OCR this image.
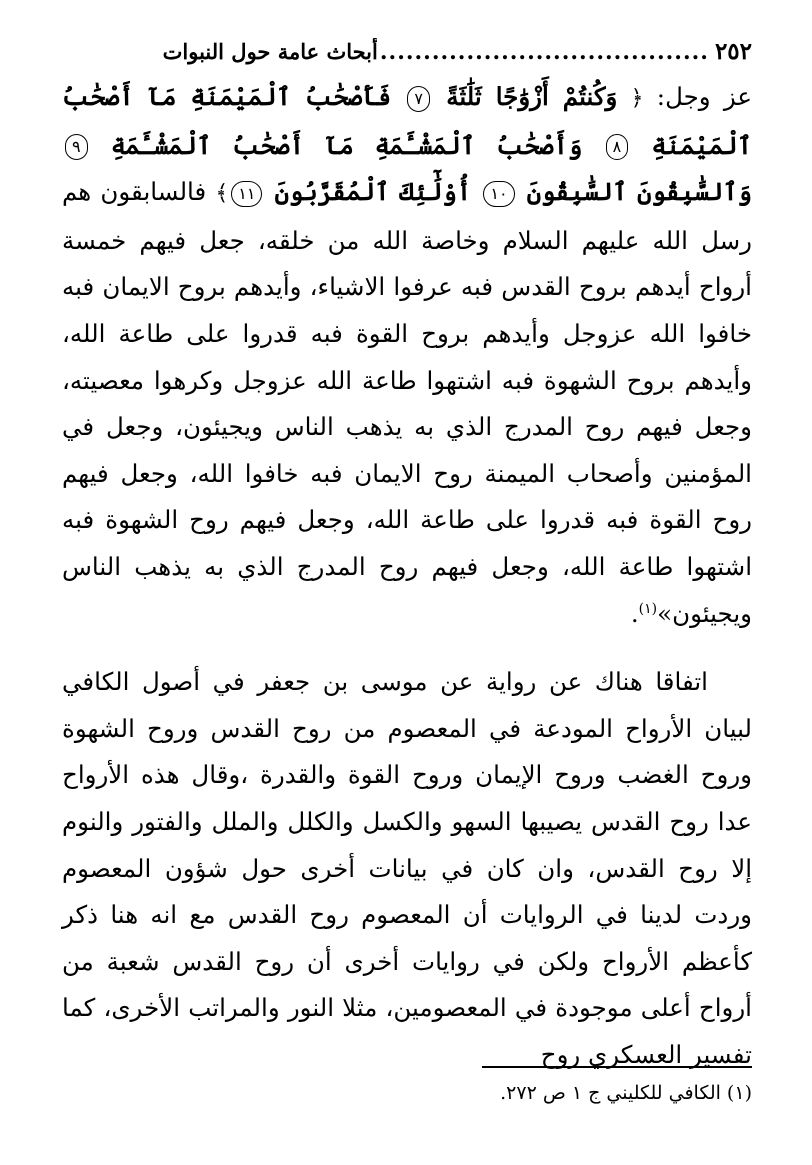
٢٥٢
......................................
أبحاث عامة حول النبوات

عز وجل: ﴿ وَكُنتُمْ أَزْوَٰجًا ثَلَٰثَةً ٧ فَأَصْحَٰبُ ٱلْمَيْمَنَةِ مَآ أَصْحَٰبُ ٱلْمَيْمَنَةِ ٨ وَأَصْحَٰبُ ٱلْمَشْـَٔمَةِ مَآ أَصْحَٰبُ ٱلْمَشْـَٔمَةِ ٩ وَٱلسَّٰبِقُونَ ٱلسَّٰبِقُونَ ١٠ أُوْلَٰٓئِكَ ٱلْمُقَرَّبُونَ ١١﴾ فالسابقون هم رسل الله عليهم السلام وخاصة الله من خلقه، جعل فيهم خمسة أرواح أيدهم بروح القدس فبه عرفوا الاشياء، وأيدهم بروح الايمان فبه خافوا الله عزوجل وأيدهم بروح القوة فبه قدروا على طاعة الله، وأيدهم بروح الشهوة فبه اشتهوا طاعة الله عزوجل وكرهوا معصيته، وجعل فيهم روح المدرج الذي به يذهب الناس ويجيئون، وجعل في المؤمنين وأصحاب الميمنة روح الايمان فبه خافوا الله، وجعل فيهم روح القوة فبه قدروا على طاعة الله، وجعل فيهم روح الشهوة فبه اشتهوا طاعة الله، وجعل فيهم روح المدرج الذي به يذهب الناس ويجيئون»$^{(١)}$.

اتفاقا هناك عن رواية عن موسى بن جعفر في أصول الكافي لبيان الأرواح المودعة في المعصوم من روح القدس وروح الشهوة وروح الغضب وروح الإيمان وروح القوة والقدرة ،وقال هذه الأرواح عدا روح القدس يصيبها السهو والكسل والكلل والملل والفتور والنوم إلا روح القدس، وان كان في بيانات أخرى حول شؤون المعصوم وردت لدينا في الروايات أن المعصوم روح القدس مع انه هنا ذكر كأعظم الأرواح ولكن في روايات أخرى أن روح القدس شعبة من أرواح أعلى موجودة في المعصومين، مثلا النور والمراتب الأخرى، كما تفسير العسكري روح

(١) الكافي للكليني ج ١ ص ٢٧٢.
